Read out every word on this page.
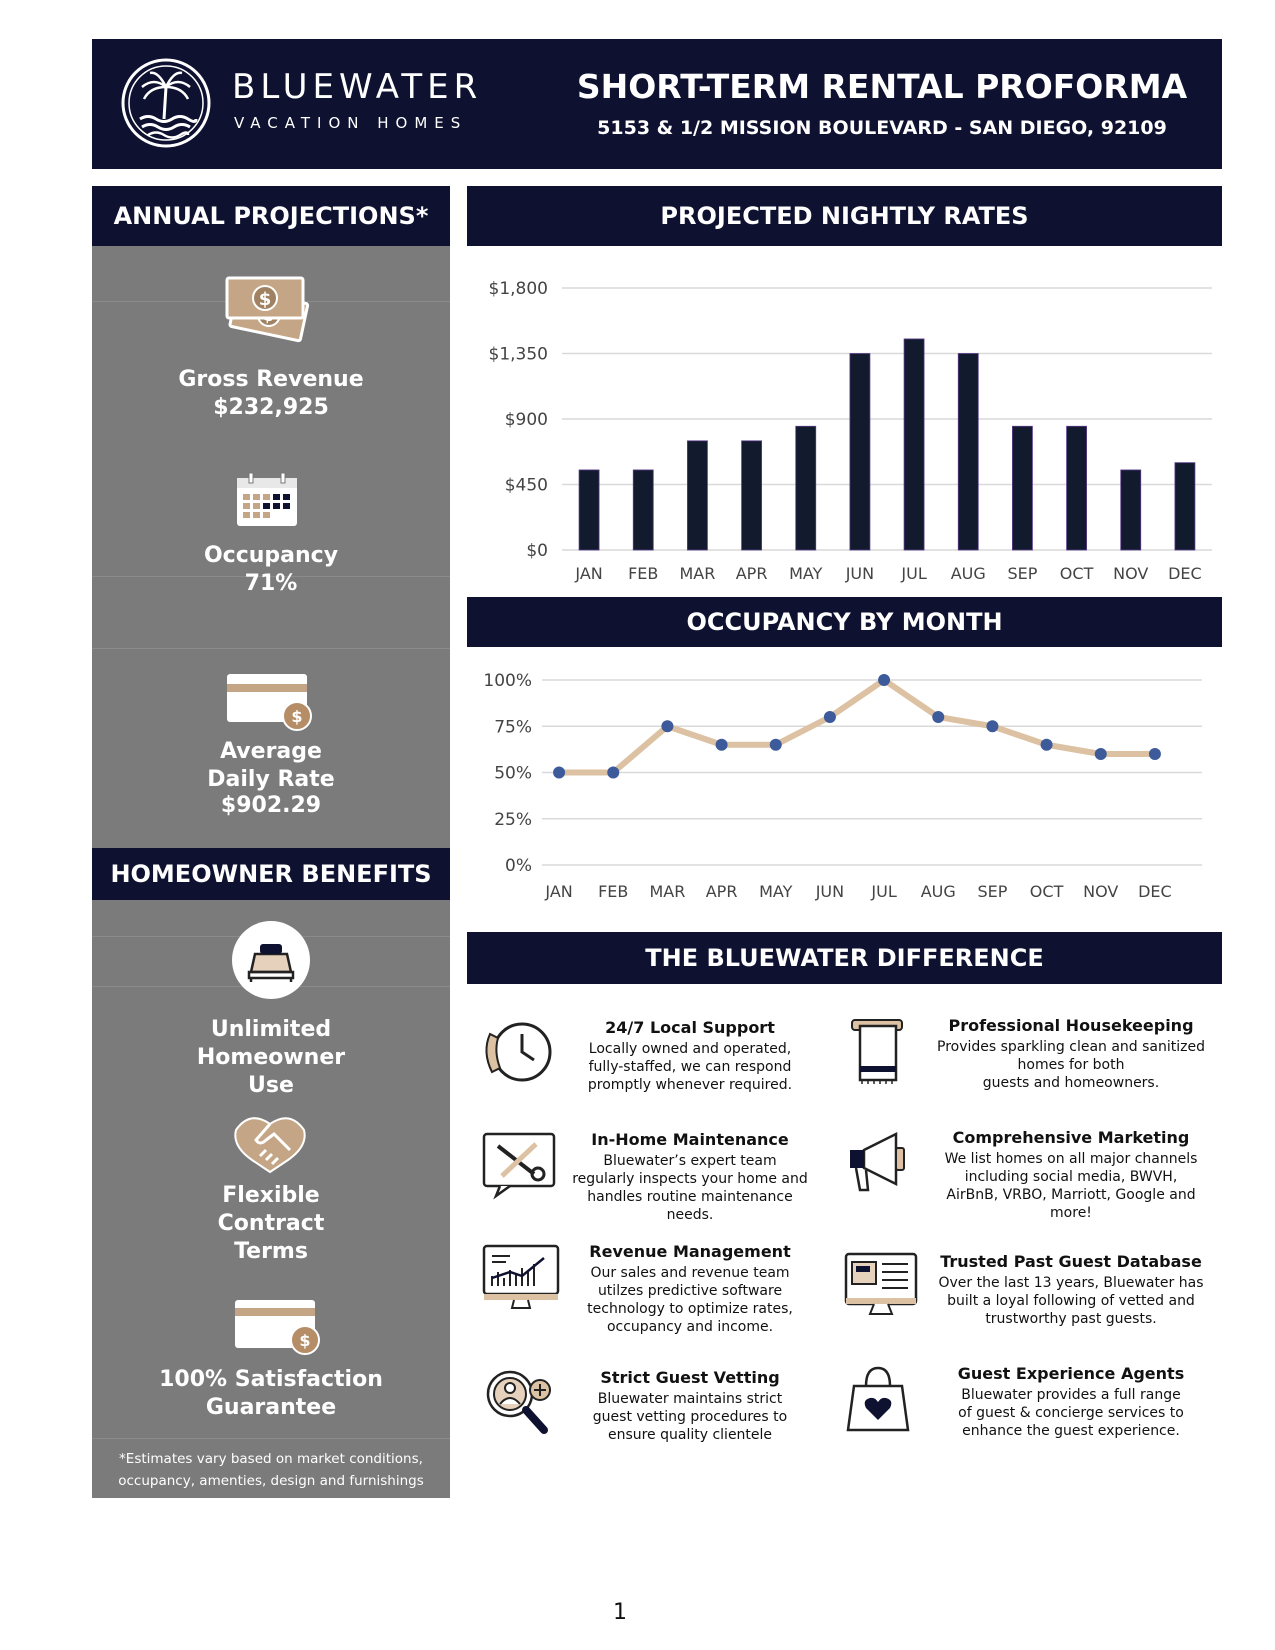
BLUEWATER
VACATION HOMES
SHORT-TERM RENTAL PROFORMA
5153 & 1/2 MISSION BOULEVARD - SAN DIEGO, 92109
ANNUAL PROJECTIONS*
$
Gross Revenue
$232,925
Occupancy
71%
$
Average
Daily Rate
$902.29
HOMEOWNER BENEFITS
Unlimited
Homeowner
Use
Flexible
Contract
Terms
$
100% Satisfaction
Guarantee
*Estimates vary based on market conditions,
occupancy, amenties, design and furnishings
PROJECTED NIGHTLY RATES
$0
$450
$900
$1,350
$1,800
JAN FEB MAR APR MAY JUN JUL AUG SEP OCT NOV DEC
OCCUPANCY BY MONTH
0%
25%
50%
75%
100%
JAN FEB MAR APR MAY JUN JUL AUG SEP OCT NOV DEC
THE BLUEWATER DIFFERENCE
24/7 Local Support
Locally owned and operated,
fully-staffed, we can respond
promptly whenever required.
Professional Housekeeping
Provides sparkling clean and sanitized
homes for both
guests and homeowners.
In-Home Maintenance
Bluewater’s expert team
regularly inspects your home and
handles routine maintenance
needs.
Comprehensive Marketing
We list homes on all major channels
including social media, BWVH,
AirBnB, VRBO, Marriott, Google and
more!
Revenue Management
Our sales and revenue team
utilzes predictive software
technology to optimize rates,
occupancy and income.
Trusted Past Guest Database
Over the last 13 years, Bluewater has
built a loyal following of vetted and
trustworthy past guests.
Strict Guest Vetting
Bluewater maintains strict
guest vetting procedures to
ensure quality clientele
Guest Experience Agents
Bluewater provides a full range
of guest & concierge services to
enhance the guest experience.
1
